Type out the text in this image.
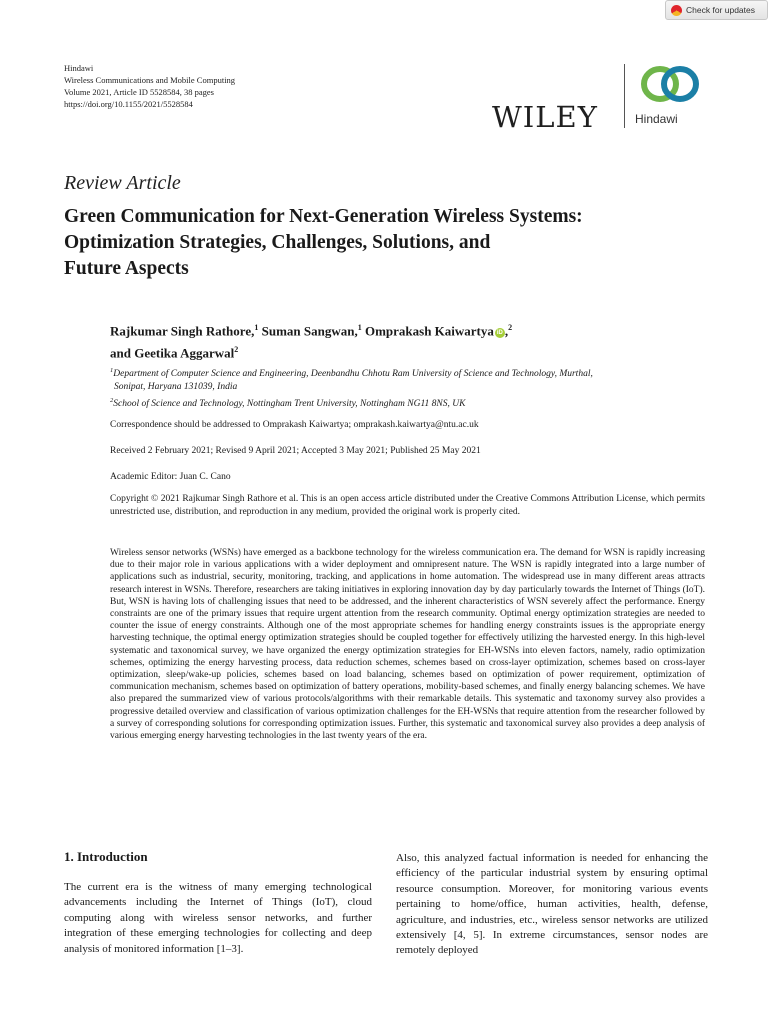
Check for updates
Hindawi
Wireless Communications and Mobile Computing
Volume 2021, Article ID 5528584, 38 pages
https://doi.org/10.1155/2021/5528584	WILEY	Hindawi
Review Article
Green Communication for Next-Generation Wireless Systems:
Optimization Strategies, Challenges, Solutions, and
Future Aspects
Rajkumar Singh Rathore,$^1$ Suman Sangwan,$^1$ Omprakash Kaiwartya iD ,$^2$
and Geetika Aggarwal$^2$
$^1$Department of Computer Science and Engineering, Deenbandhu Chhotu Ram University of Science and Technology, Murthal,
Sonipat, Haryana 131039, India
$^2$School of Science and Technology, Nottingham Trent University, Nottingham NG11 8NS, UK
Correspondence should be addressed to Omprakash Kaiwartya; omprakash.kaiwartya@ntu.ac.uk
Received 2 February 2021; Revised 9 April 2021; Accepted 3 May 2021; Published 25 May 2021
Academic Editor: Juan C. Cano
Copyright © 2021 Rajkumar Singh Rathore et al. This is an open access article distributed under the Creative Commons Attribution License, which permits unrestricted use, distribution, and reproduction in any medium, provided the original work is properly cited.
Wireless sensor networks (WSNs) have emerged as a backbone technology for the wireless communication era. The demand for WSN is rapidly increasing due to their major role in various applications with a wider deployment and omnipresent nature. The WSN is rapidly integrated into a large number of applications such as industrial, security, monitoring, tracking, and applications in home automation. The widespread use in many different areas attracts research interest in WSNs. Therefore, researchers are taking initiatives in exploring innovation day by day particularly towards the Internet of Things (IoT). But, WSN is having lots of challenging issues that need to be addressed, and the inherent characteristics of WSN severely affect the performance. Energy constraints are one of the primary issues that require urgent attention from the research community. Optimal energy optimization strategies are needed to counter the issue of energy constraints. Although one of the most appropriate schemes for handling energy constraints issues is the appropriate energy harvesting technique, the optimal energy optimization strategies should be coupled together for effectively utilizing the harvested energy. In this high-level systematic and taxonomical survey, we have organized the energy optimization strategies for EH-WSNs into eleven factors, namely, radio optimization schemes, optimizing the energy harvesting process, data reduction schemes, schemes based on cross-layer optimization, schemes based on cross-layer optimization, sleep/wake-up policies, schemes based on load balancing, schemes based on optimization of power requirement, optimization of communication mechanism, schemes based on optimization of battery operations, mobility-based schemes, and finally energy balancing schemes. We have also prepared the summarized view of various protocols/algorithms with their remarkable details. This systematic and taxonomy survey also provides a progressive detailed overview and classification of various optimization challenges for the EH-WSNs that require attention from the researcher followed by a survey of corresponding solutions for corresponding optimization issues. Further, this systematic and taxonomical survey also provides a deep analysis of various emerging energy harvesting technologies in the last twenty years of the era.
1. Introduction
The current era is the witness of many emerging technological advancements including the Internet of Things (IoT), cloud computing along with wireless sensor networks, and further integration of these emerging technologies for collecting and deep analysis of monitored information [1–3].
Also, this analyzed factual information is needed for enhancing the efficiency of the particular industrial system by ensuring optimal resource consumption. Moreover, for monitoring various events pertaining to home/office, human activities, health, defense, agriculture, and industries, etc., wireless sensor networks are utilized extensively [4, 5]. In extreme circumstances, sensor nodes are remotely deployed
